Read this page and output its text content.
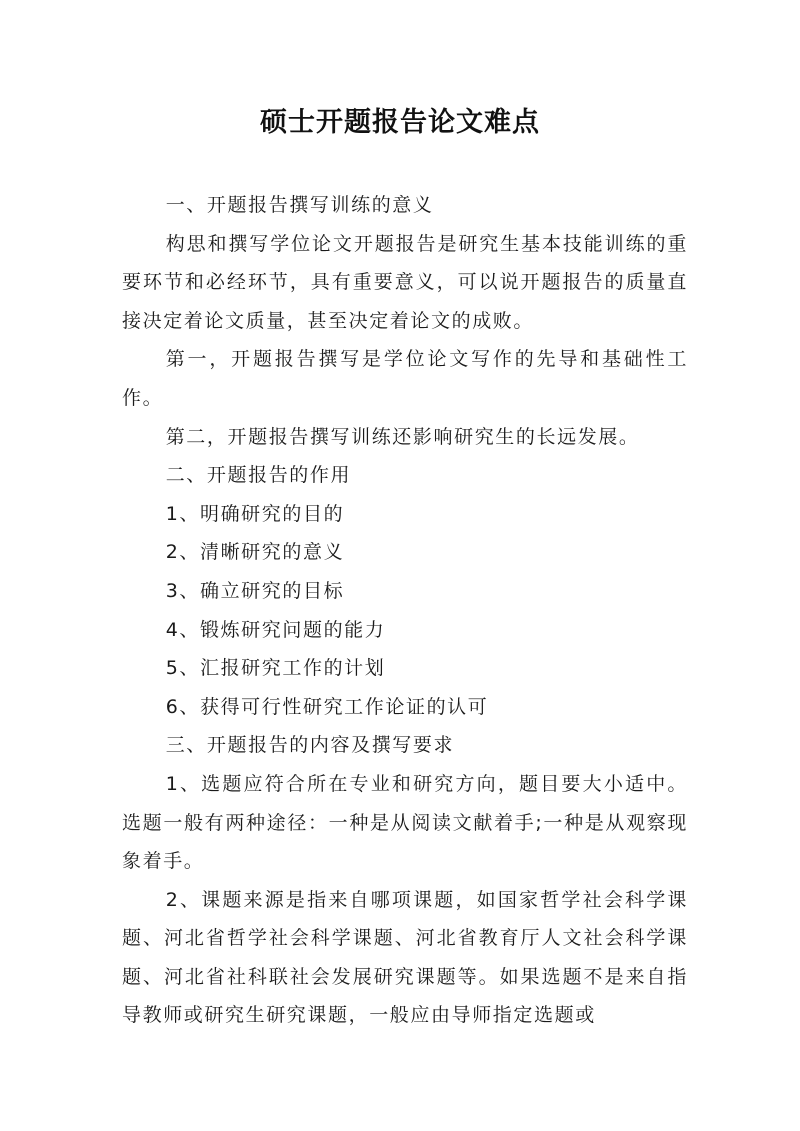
硕士开题报告论文难点

一、开题报告撰写训练的意义

构思和撰写学位论文开题报告是研究生基本技能训练的重要环节和必经环节，具有重要意义，可以说开题报告的质量直接决定着论文质量，甚至决定着论文的成败。

第一，开题报告撰写是学位论文写作的先导和基础性工作。

第二，开题报告撰写训练还影响研究生的长远发展。

二、开题报告的作用

1、明确研究的目的

2、清晰研究的意义

3、确立研究的目标

4、锻炼研究问题的能力

5、汇报研究工作的计划

6、获得可行性研究工作论证的认可

三、开题报告的内容及撰写要求

1、选题应符合所在专业和研究方向，题目要大小适中。选题一般有两种途径：一种是从阅读文献着手;一种是从观察现象着手。

2、课题来源是指来自哪项课题，如国家哲学社会科学课题、河北省哲学社会科学课题、河北省教育厅人文社会科学课题、河北省社科联社会发展研究课题等。如果选题不是来自指导教师或研究生研究课题，一般应由导师指定选题或
